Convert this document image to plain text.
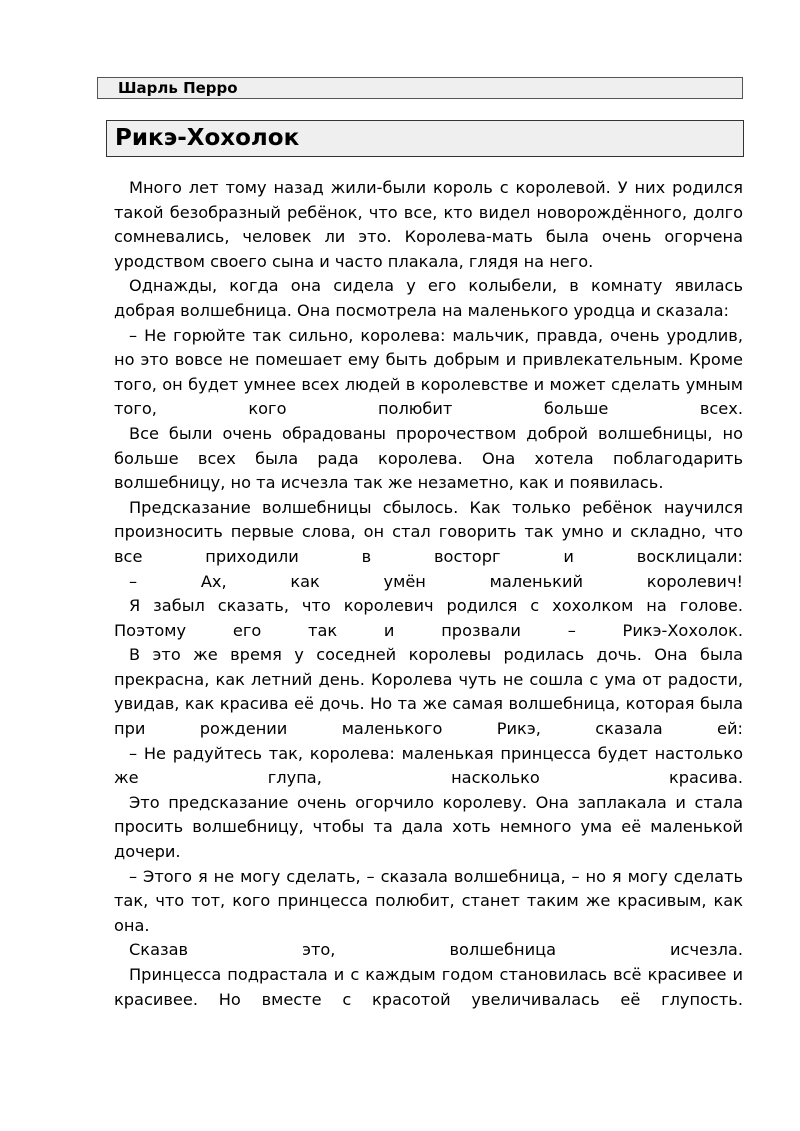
Шарль Перро
Рикэ-Хохолок

Много лет тому назад жили-были король с королевой. У них родился такой безобразный ребёнок, что все, кто видел новорождённого, долго сомневались, человек ли это. Королева-мать была очень огорчена уродством своего сына и часто плакала, глядя на него.

Однажды, когда она сидела у его колыбели, в комнату явилась добрая волшебница. Она посмотрела на маленького уродца и сказала:

– Не горюйте так сильно, королева: мальчик, правда, очень уродлив, но это вовсе не помешает ему быть добрым и привлекательным. Кроме того, он будет умнее всех людей в королевстве и может сделать умным того, кого полюбит больше всех.

Все были очень обрадованы пророчеством доброй волшебницы, но больше всех была рада королева. Она хотела поблагодарить волшебницу, но та исчезла так же незаметно, как и появилась.

Предсказание волшебницы сбылось. Как только ребёнок научился произносить первые слова, он стал говорить так умно и складно, что все приходили в восторг и восклицали:

– Ах, как умён маленький королевич!

Я забыл сказать, что королевич родился с хохолком на голове. Поэтому его так и прозвали – Рикэ-Хохолок.

В это же время у соседней королевы родилась дочь. Она была прекрасна, как летний день. Королева чуть не сошла с ума от радости, увидав, как красива её дочь. Но та же самая волшебница, которая была при рождении маленького Рикэ, сказала ей:

– Не радуйтесь так, королева: маленькая принцесса будет настолько же глупа, насколько красива.

Это предсказание очень огорчило королеву. Она заплакала и стала просить волшебницу, чтобы та дала хоть немного ума её маленькой дочери.

– Этого я не могу сделать, – сказала волшебница, – но я могу сделать так, что тот, кого принцесса полюбит, станет таким же красивым, как она.

Сказав это, волшебница исчезла.

Принцесса подрастала и с каждым годом становилась всё красивее и красивее. Но вместе с красотой увеличивалась её глупость.
